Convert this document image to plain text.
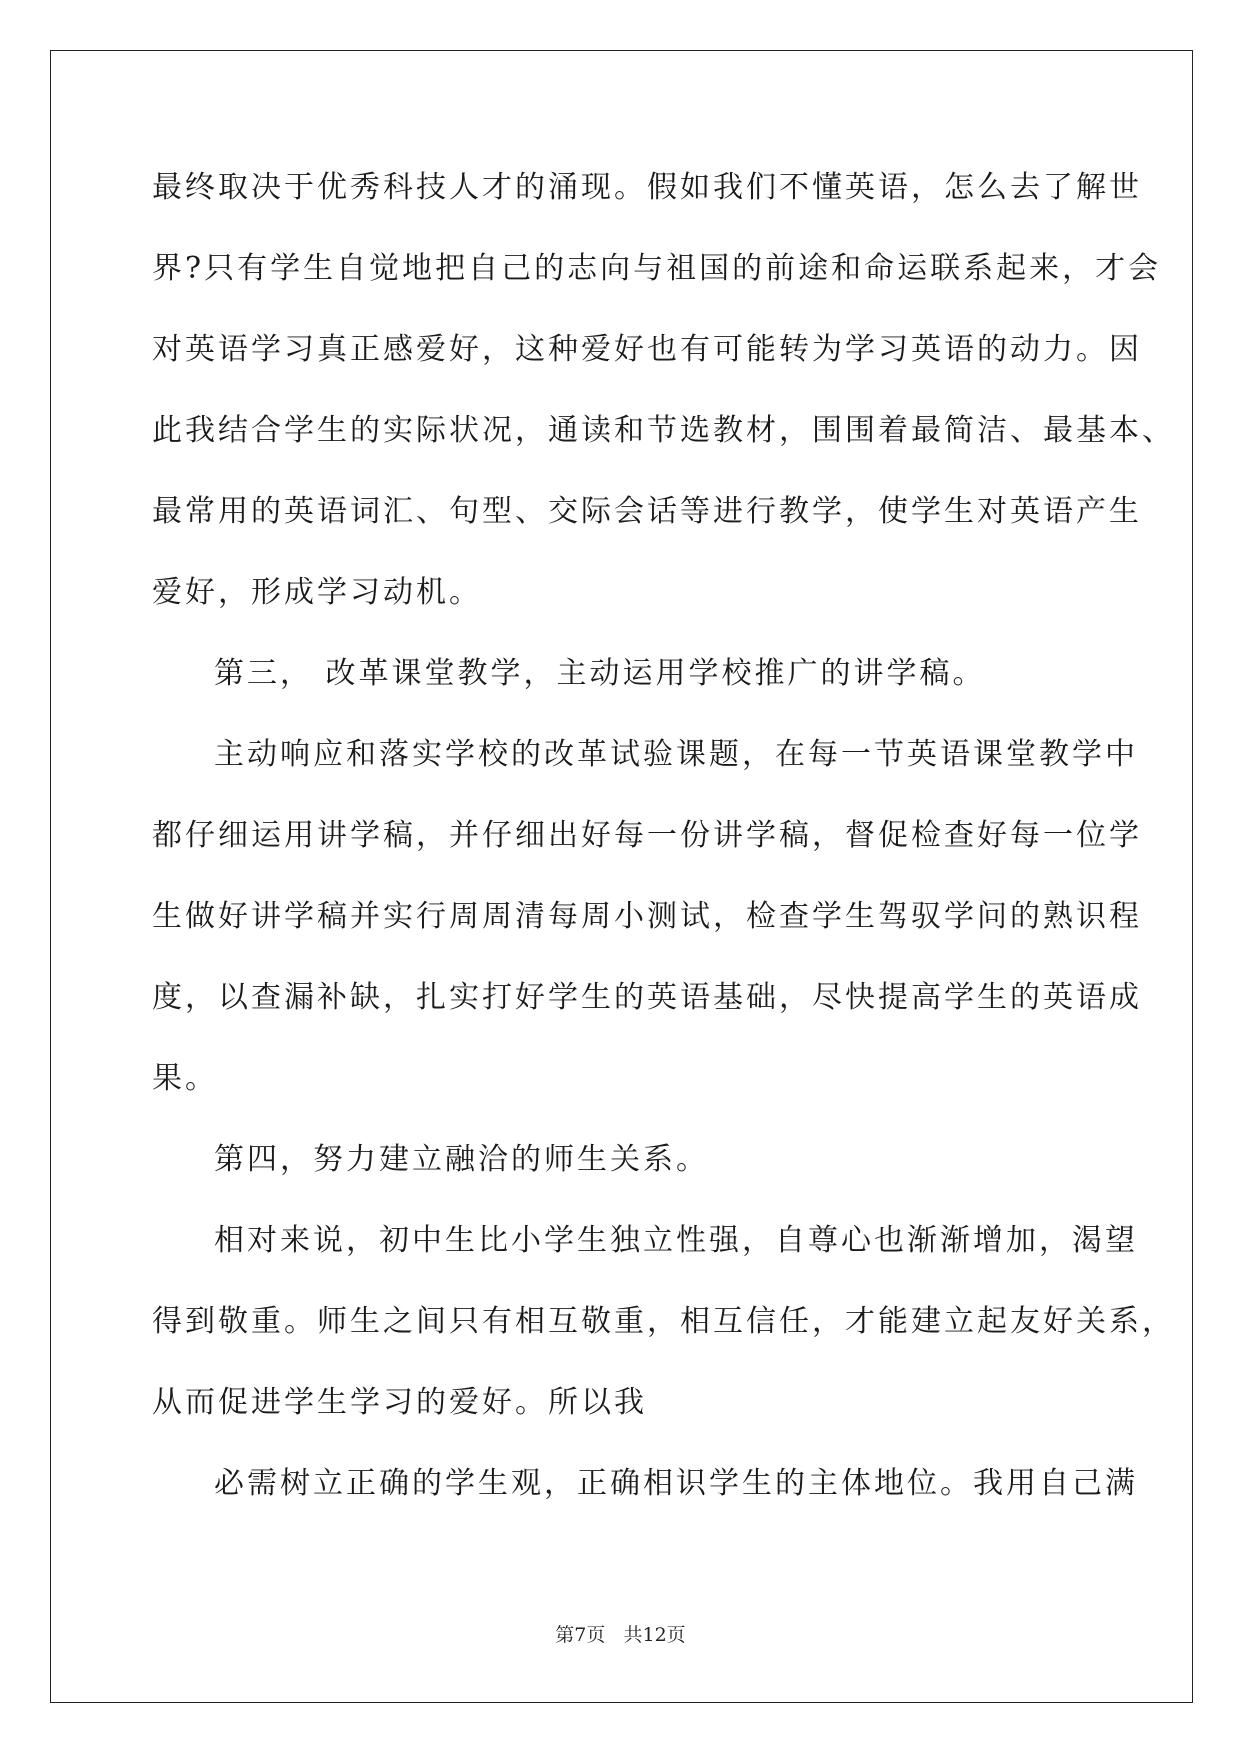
最终取决于优秀科技人才的涌现。假如我们不懂英语，怎么去了解世
界?只有学生自觉地把自己的志向与祖国的前途和命运联系起来，才会
对英语学习真正感爱好，这种爱好也有可能转为学习英语的动力。因
此我结合学生的实际状况，通读和节选教材，围围着最简洁、最基本、
最常用的英语词汇、句型、交际会话等进行教学，使学生对英语产生
爱好，形成学习动机。
第三， 改革课堂教学，主动运用学校推广的讲学稿。
主动响应和落实学校的改革试验课题，在每一节英语课堂教学中
都仔细运用讲学稿，并仔细出好每一份讲学稿，督促检查好每一位学
生做好讲学稿并实行周周清每周小测试，检查学生驾驭学问的熟识程
度，以查漏补缺，扎实打好学生的英语基础，尽快提高学生的英语成
果。
第四，努力建立融洽的师生关系。
相对来说，初中生比小学生独立性强，自尊心也渐渐增加，渴望
得到敬重。师生之间只有相互敬重，相互信任，才能建立起友好关系，
从而促进学生学习的爱好。所以我
必需树立正确的学生观，正确相识学生的主体地位。我用自己满
第7页   共12页
